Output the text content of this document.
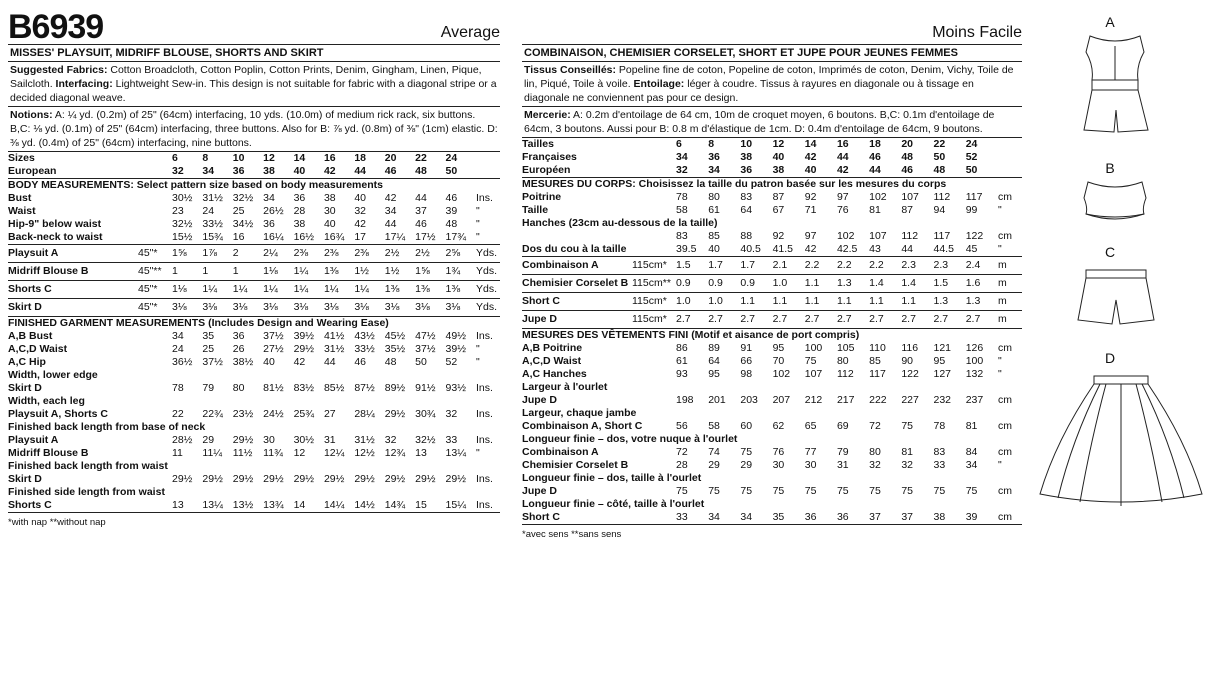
B6939	Average
MISSES' PLAYSUIT, MIDRIFF BLOUSE, SHORTS AND SKIRT
Suggested Fabrics: Cotton Broadcloth, Cotton Poplin, Cotton Prints, Denim, Gingham, Linen, Pique, Sailcloth. Interfacing: Lightweight Sew-in. This design is not suitable for fabric with a diagonal stripe or a decided diagonal weave.
Notions: A: ¼ yd. (0.2m) of 25" (64cm) interfacing, 10 yds. (10.0m) of medium rick rack, six buttons. B,C: ⅛ yd. (0.1m) of 25" (64cm) interfacing, three buttons. Also for B: ⅞ yd. (0.8m) of ⅜" (1cm) elastic. D: ⅜ yd. (0.4m) of 25" (64cm) interfacing, nine buttons.
Sizes		6	8	10	12	14	16	18	20	22	24	
European		32	34	36	38	40	42	44	46	48	50	
BODY MEASUREMENTS: Select pattern size based on body measurements												
Bust		30½	31½	32½	34	36	38	40	42	44	46	Ins.
Waist		23	24	25	26½	28	30	32	34	37	39	"
Hip-9" below waist		32½	33½	34½	36	38	40	42	44	46	48	"
Back-neck to waist		15½	15¾	16	16¼	16½	16¾	17	17¼	17½	17¾	"
Playsuit A	45"*	1⅝	1⅞	2	2¼	2⅜	2⅜	2⅜	2½	2½	2⅝	Yds.
Midriff Blouse B	45"**	1	1	1	1⅛	1¼	1⅜	1½	1½	1⅝	1¾	Yds.
Shorts C	45"*	1⅛	1¼	1¼	1¼	1¼	1¼	1¼	1⅜	1⅜	1⅜	Yds.
Skirt D	45"*	3⅛	3⅛	3⅛	3⅛	3⅛	3⅛	3⅛	3⅛	3⅛	3⅛	Yds.
FINISHED GARMENT MEASUREMENTS (Includes Design and Wearing Ease)												
A,B Bust		34	35	36	37½	39½	41½	43½	45½	47½	49½	Ins.
A,C,D Waist		24	25	26	27½	29½	31½	33½	35½	37½	39½	"
A,C Hip		36½	37½	38½	40	42	44	46	48	50	52	"
Width, lower edge												
Skirt D		78	79	80	81½	83½	85½	87½	89½	91½	93½	Ins.
Width, each leg												
Playsuit A, Shorts C		22	22¾	23½	24½	25¾	27	28¼	29½	30¾	32	Ins.
Finished back length from base of neck												
Playsuit A		28½	29	29½	30	30½	31	31½	32	32½	33	Ins.
Midriff Blouse B		11	11¼	11½	11¾	12	12¼	12½	12¾	13	13¼	"
Finished back length from waist												
Skirt D		29½	29½	29½	29½	29½	29½	29½	29½	29½	29½	Ins.
Finished side length from waist												
Shorts C		13	13¼	13½	13¾	14	14¼	14½	14¾	15	15¼	Ins.
*with nap **without nap
Moins Facile
COMBINAISON, CHEMISIER CORSELET, SHORT ET JUPE POUR JEUNES FEMMES
Tissus Conseillés: Popeline fine de coton, Popeline de coton, Imprimés de coton, Denim, Vichy, Toile de lin, Piqué, Toile à voile. Entoilage: léger à coudre. Tissus à rayures en diagonale ou à tissage en diagonale ne conviennent pas pour ce design.
Mercerie: A: 0.2m d'entoilage de 64 cm, 10m de croquet moyen, 6 boutons. B,C: 0.1m d'entoilage de 64cm, 3 boutons. Aussi pour B: 0.8 m d'élastique de 1cm. D: 0.4m d'entoilage de 64cm, 9 boutons.
Tailles		6	8	10	12	14	16	18	20	22	24	
Françaises		34	36	38	40	42	44	46	48	50	52	
Européen		32	34	36	38	40	42	44	46	48	50	
MESURES DU CORPS: Choisissez la taille du patron basée sur les mesures du corps												
Poitrine		78	80	83	87	92	97	102	107	112	117	cm
Taille		58	61	64	67	71	76	81	87	94	99	"
Hanches (23cm au-dessous de la taille)												
		83	85	88	92	97	102	107	112	117	122	cm
Dos du cou à la taille		39.5	40	40.5	41.5	42	42.5	43	44	44.5	45	"
Combinaison A	115cm*	1.5	1.7	1.7	2.1	2.2	2.2	2.2	2.3	2.3	2.4	m
Chemisier Corselet B	115cm**	0.9	0.9	0.9	1.0	1.1	1.3	1.4	1.4	1.5	1.6	m
Short C	115cm*	1.0	1.0	1.1	1.1	1.1	1.1	1.1	1.1	1.3	1.3	m
Jupe D	115cm*	2.7	2.7	2.7	2.7	2.7	2.7	2.7	2.7	2.7	2.7	m
MESURES DES VÊTEMENTS FINI (Motif et aisance de port compris)												
A,B Poitrine		86	89	91	95	100	105	110	116	121	126	cm
A,C,D Waist		61	64	66	70	75	80	85	90	95	100	"
A,C Hanches		93	95	98	102	107	112	117	122	127	132	"
Largeur à l'ourlet												
Jupe D		198	201	203	207	212	217	222	227	232	237	cm
Largeur, chaque jambe												
Combinaison A, Short C		56	58	60	62	65	69	72	75	78	81	cm
Longueur finie – dos, votre nuque à l'ourlet												
Combinaison A		72	74	75	76	77	79	80	81	83	84	cm
Chemisier Corselet B		28	29	29	30	30	31	32	32	33	34	"
Longueur finie – dos, taille à l'ourlet												
Jupe D		75	75	75	75	75	75	75	75	75	75	cm
Longueur finie – côté, taille à l'ourlet												
Short C		33	34	34	35	36	36	37	37	38	39	cm
*avec sens **sans sens
A
B
C
D
